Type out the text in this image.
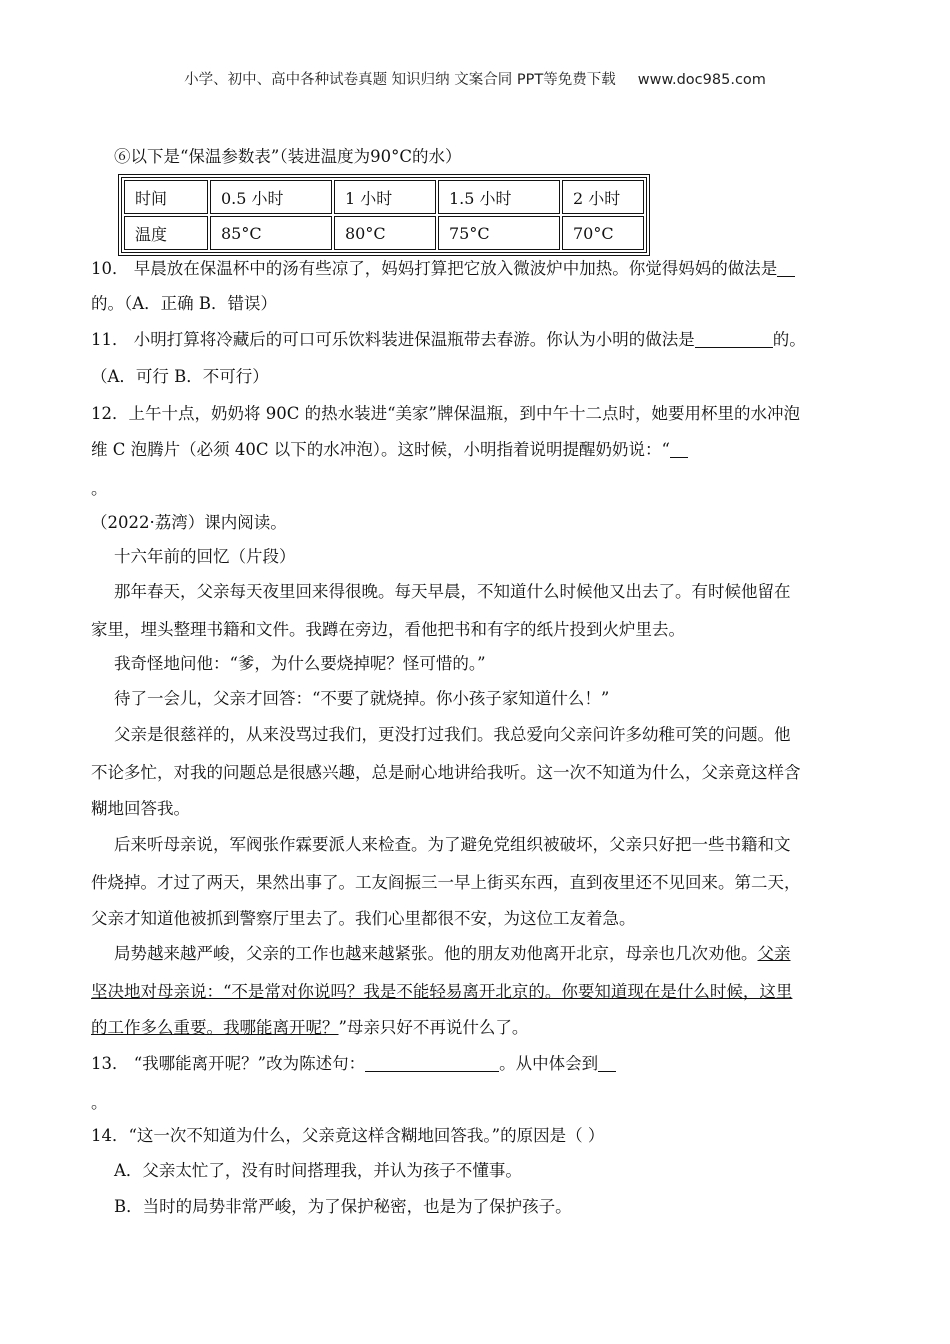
小学、初中、高中各种试卷真题 知识归纳 文案合同 PPT等免费下载 www.doc985.com
⑥以下是“保温参数表”（装进温度为90°C的水）
时间	0.5 小时	1 小时	1.5 小时	2 小时
温度	85°C	80°C	75°C	70°C
10． 早晨放在保温杯中的汤有些凉了，妈妈打算把它放入微波炉中加热。你觉得妈妈的做法是
的。（A．正确 B．错误）
11． 小明打算将冷藏后的可口可乐饮料装进保温瓶带去春游。你认为小明的做法是	的。
（A．可行 B．不可行）
12．上午十点，奶奶将 90C 的热水装进“美家”牌保温瓶，到中午十二点时，她要用杯里的水冲泡
维 C 泡腾片（必须 40C 以下的水冲泡）。这时候，小明指着说明提醒奶奶说：“
。
（2022·荔湾）课内阅读。
十六年前的回忆（片段）
那年春天，父亲每天夜里回来得很晚。每天早晨，不知道什么时候他又出去了。有时候他留在
家里，埋头整理书籍和文件。我蹲在旁边，看他把书和有字的纸片投到火炉里去。
我奇怪地问他：“爹，为什么要烧掉呢？怪可惜的。”
待了一会儿，父亲才回答：“不要了就烧掉。你小孩子家知道什么！”
父亲是很慈祥的，从来没骂过我们，更没打过我们。我总爱向父亲问许多幼稚可笑的问题。他
不论多忙，对我的问题总是很感兴趣，总是耐心地讲给我听。这一次不知道为什么，父亲竟这样含
糊地回答我。
后来听母亲说，军阀张作霖要派人来检查。为了避免党组织被破坏，父亲只好把一些书籍和文
件烧掉。才过了两天，果然出事了。工友阎振三一早上街买东西，直到夜里还不见回来。第二天，
父亲才知道他被抓到警察厅里去了。我们心里都很不安，为这位工友着急。
局势越来越严峻，父亲的工作也越来越紧张。他的朋友劝他离开北京，母亲也几次劝他。父亲
坚决地对母亲说：“不是常对你说吗？我是不能轻易离开北京的。你要知道现在是什么时候，这里
的工作多么重要。我哪能离开呢？”母亲只好不再说什么了。
13． “我哪能离开呢？”改为陈述句：	。从中体会到
。
14．“这一次不知道为什么，父亲竟这样含糊地回答我。”的原因是（ ）
A．父亲太忙了，没有时间搭理我，并认为孩子不懂事。
B．当时的局势非常严峻，为了保护秘密，也是为了保护孩子。
